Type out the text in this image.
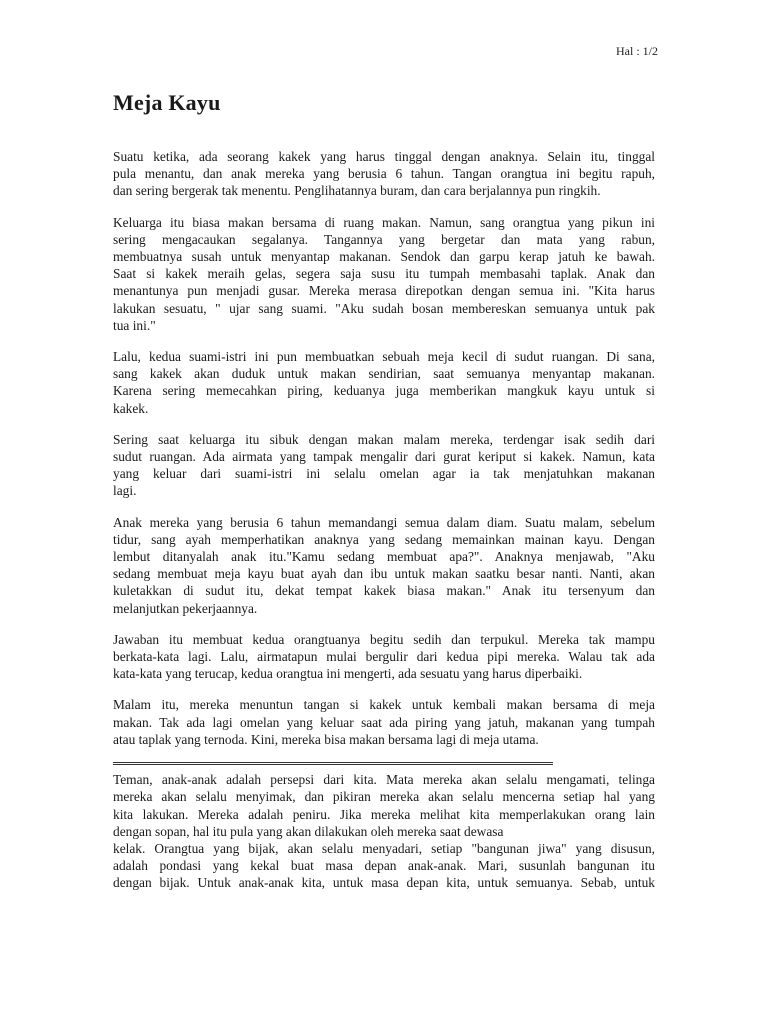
Hal : 1/2
Meja Kayu

Suatu ketika, ada seorang kakek yang harus tinggal dengan anaknya. Selain itu, tinggal
pula menantu, dan anak mereka yang berusia 6 tahun. Tangan orangtua ini begitu rapuh,
dan sering bergerak tak menentu. Penglihatannya buram, dan cara berjalannya pun ringkih.

Keluarga itu biasa makan bersama di ruang makan. Namun, sang orangtua yang pikun ini
sering mengacaukan segalanya. Tangannya yang bergetar dan mata yang rabun,
membuatnya susah untuk menyantap makanan. Sendok dan garpu kerap jatuh ke bawah.
Saat si kakek meraih gelas, segera saja susu itu tumpah membasahi taplak. Anak dan
menantunya pun menjadi gusar. Mereka merasa direpotkan dengan semua ini. "Kita harus
lakukan sesuatu, " ujar sang suami. "Aku sudah bosan membereskan semuanya untuk pak
tua ini."

Lalu, kedua suami-istri ini pun membuatkan sebuah meja kecil di sudut ruangan. Di sana,
sang kakek akan duduk untuk makan sendirian, saat semuanya menyantap makanan.
Karena sering memecahkan piring, keduanya juga memberikan mangkuk kayu untuk si
kakek.

Sering saat keluarga itu sibuk dengan makan malam mereka, terdengar isak sedih dari
sudut ruangan. Ada airmata yang tampak mengalir dari gurat keriput si kakek. Namun, kata
yang keluar dari suami-istri ini selalu omelan agar ia tak menjatuhkan makanan
lagi.

Anak mereka yang berusia 6 tahun memandangi semua dalam diam. Suatu malam, sebelum
tidur, sang ayah memperhatikan anaknya yang sedang memainkan mainan kayu. Dengan
lembut ditanyalah anak itu."Kamu sedang membuat apa?". Anaknya menjawab, "Aku
sedang membuat meja kayu buat ayah dan ibu untuk makan saatku besar nanti. Nanti, akan
kuletakkan di sudut itu, dekat tempat kakek biasa makan." Anak itu tersenyum dan
melanjutkan pekerjaannya.

Jawaban itu membuat kedua orangtuanya begitu sedih dan terpukul. Mereka tak mampu
berkata-kata lagi. Lalu, airmatapun mulai bergulir dari kedua pipi mereka. Walau tak ada
kata-kata yang terucap, kedua orangtua ini mengerti, ada sesuatu yang harus diperbaiki.

Malam itu, mereka menuntun tangan si kakek untuk kembali makan bersama di meja
makan. Tak ada lagi omelan yang keluar saat ada piring yang jatuh, makanan yang tumpah
atau taplak yang ternoda. Kini, mereka bisa makan bersama lagi di meja utama.

Teman, anak-anak adalah persepsi dari kita. Mata mereka akan selalu mengamati, telinga
mereka akan selalu menyimak, dan pikiran mereka akan selalu mencerna setiap hal yang
kita lakukan. Mereka adalah peniru. Jika mereka melihat kita memperlakukan orang lain
dengan sopan, hal itu pula yang akan dilakukan oleh mereka saat dewasa
kelak. Orangtua yang bijak, akan selalu menyadari, setiap "bangunan jiwa" yang disusun,
adalah pondasi yang kekal buat masa depan anak-anak. Mari, susunlah bangunan itu
dengan bijak. Untuk anak-anak kita, untuk masa depan kita, untuk semuanya. Sebab, untuk
